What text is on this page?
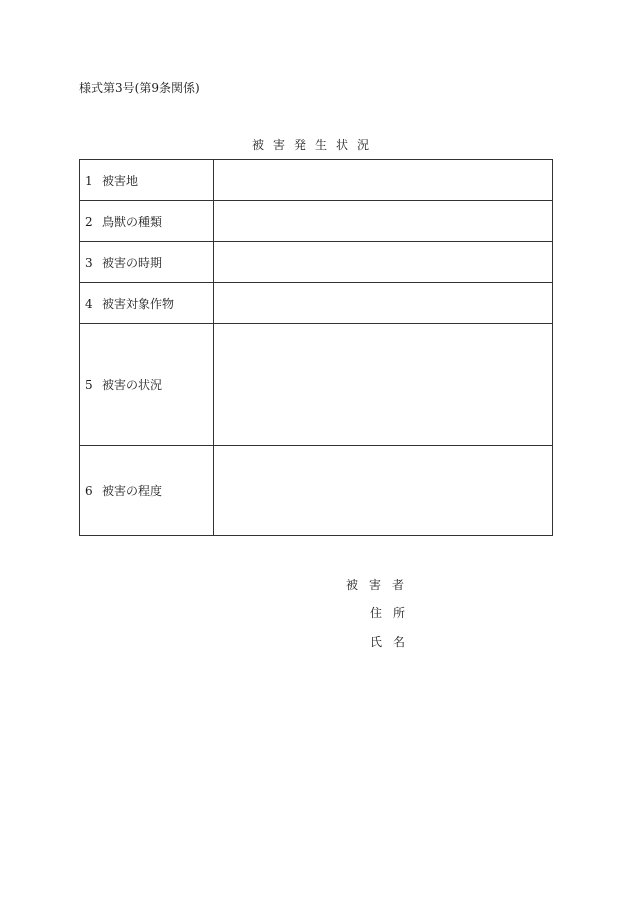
様式第3号(第9条関係)
被害発生状況
1 被害地	
2 鳥獣の種類	
3 被害の時期	
4 被害対象作物	
5 被害の状況	
6 被害の程度	
被害者
住所
氏名
